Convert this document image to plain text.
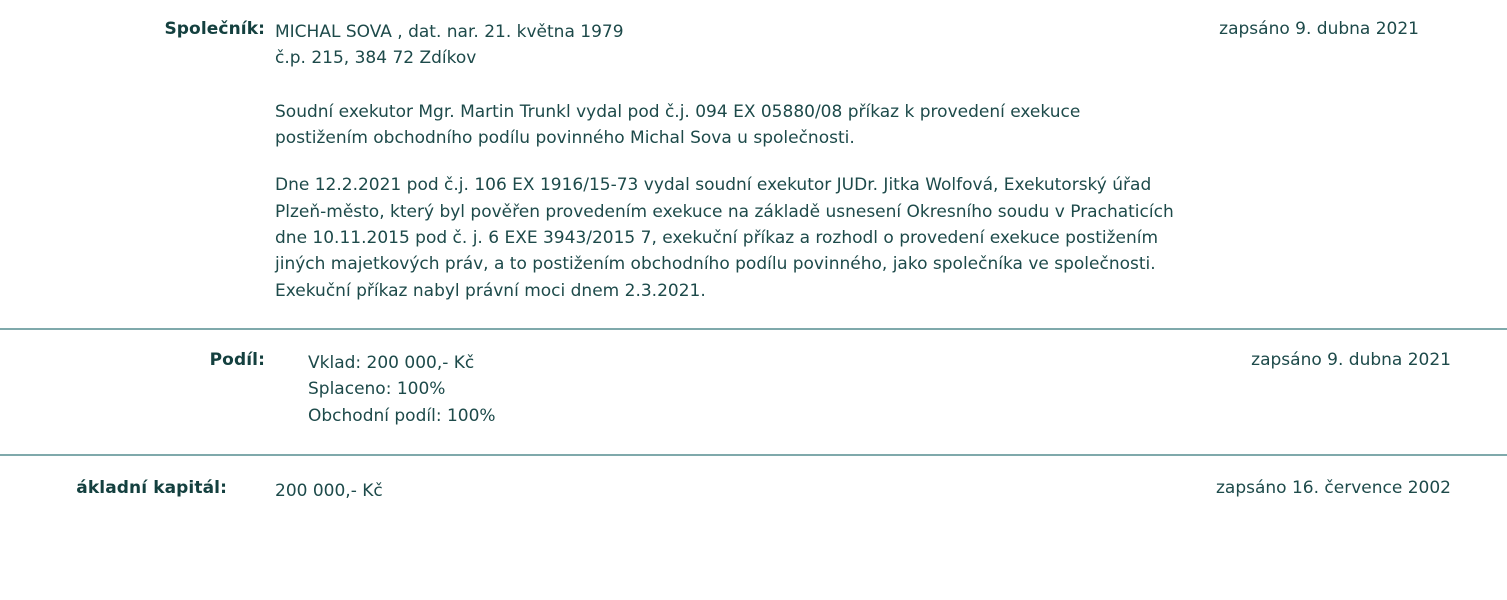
Společník: MICHAL SOVA , dat. nar. 21. května 1979
č.p. 215, 384 72 Zdíkov

Soudní exekutor Mgr. Martin Trunkl vydal pod č.j. 094 EX 05880/08 příkaz k provedení exekuce postižením obchodního podílu povinného Michal Sova u společnosti.

Dne 12.2.2021 pod č.j. 106 EX 1916/15-73 vydal soudní exekutor JUDr. Jitka Wolfová, Exekutorský úřad Plzeň-město, který byl pověřen provedením exekuce na základě usnesení Okresního soudu v Prachaticích dne 10.11.2015 pod č. j. 6 EXE 3943/2015 7, exekuční příkaz a rozhodl o provedení exekuce postižením jiných majetkových práv, a to postižením obchodního podílu povinného, jako společníka ve společnosti. Exekuční příkaz nabyl právní moci dnem 2.3.2021.

zapsáno 9. dubna 2021
Podíl:	Vklad: 200 000,- Kč
Splaceno: 100%
Obchodní podíl: 100%
zapsáno 9. dubna 2021
ákladní kapitál:	200 000,- Kč	zapsáno 16. července 2002
